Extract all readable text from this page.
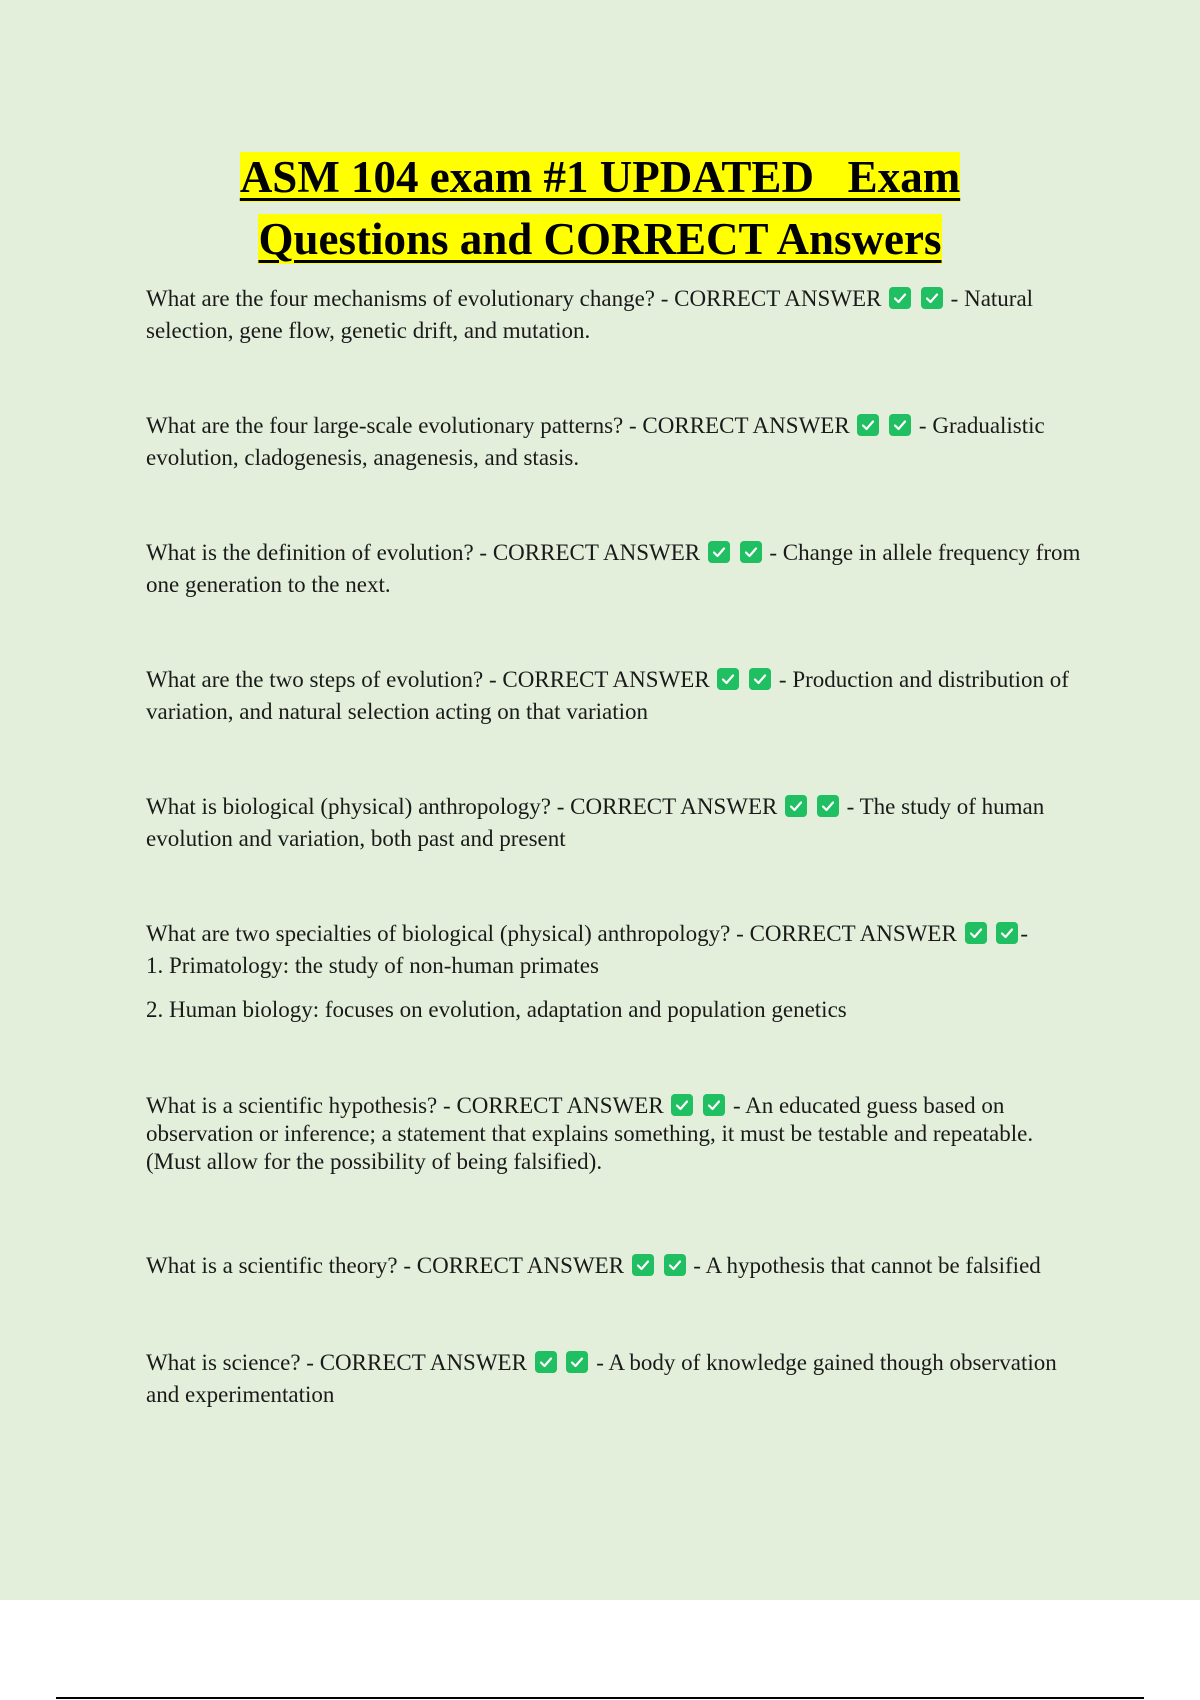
ASM 104 exam #1 UPDATED   Exam
Questions and CORRECT Answers

What are the four mechanisms of evolutionary change? - CORRECT ANSWER
	- Natural selection, gene flow, genetic drift, and mutation.

What are the four large-scale evolutionary patterns? - CORRECT ANSWER
	- Gradualistic evolution, cladogenesis, anagenesis, and stasis.

What is the definition of evolution? - CORRECT ANSWER
	- Change in allele frequency from one generation to the next.

What are the two steps of evolution? - CORRECT ANSWER
	- Production and distribution of variation, and natural selection acting on that variation

What is biological (physical) anthropology? - CORRECT ANSWER
	- The study of human evolution and variation, both past and present

What are two specialties of biological (physical) anthropology? - CORRECT ANSWER
	-

1. Primatology: the study of non-human primates

2. Human biology: focuses on evolution, adaptation and population genetics

What is a scientific hypothesis? - CORRECT ANSWER
	- An educated guess based on observation or inference; a statement that explains something, it must be testable and repeatable. (Must allow for the possibility of being falsified).

What is a scientific theory? - CORRECT ANSWER
	- A hypothesis that cannot be falsified

What is science? - CORRECT ANSWER
	- A body of knowledge gained though observation and experimentation
